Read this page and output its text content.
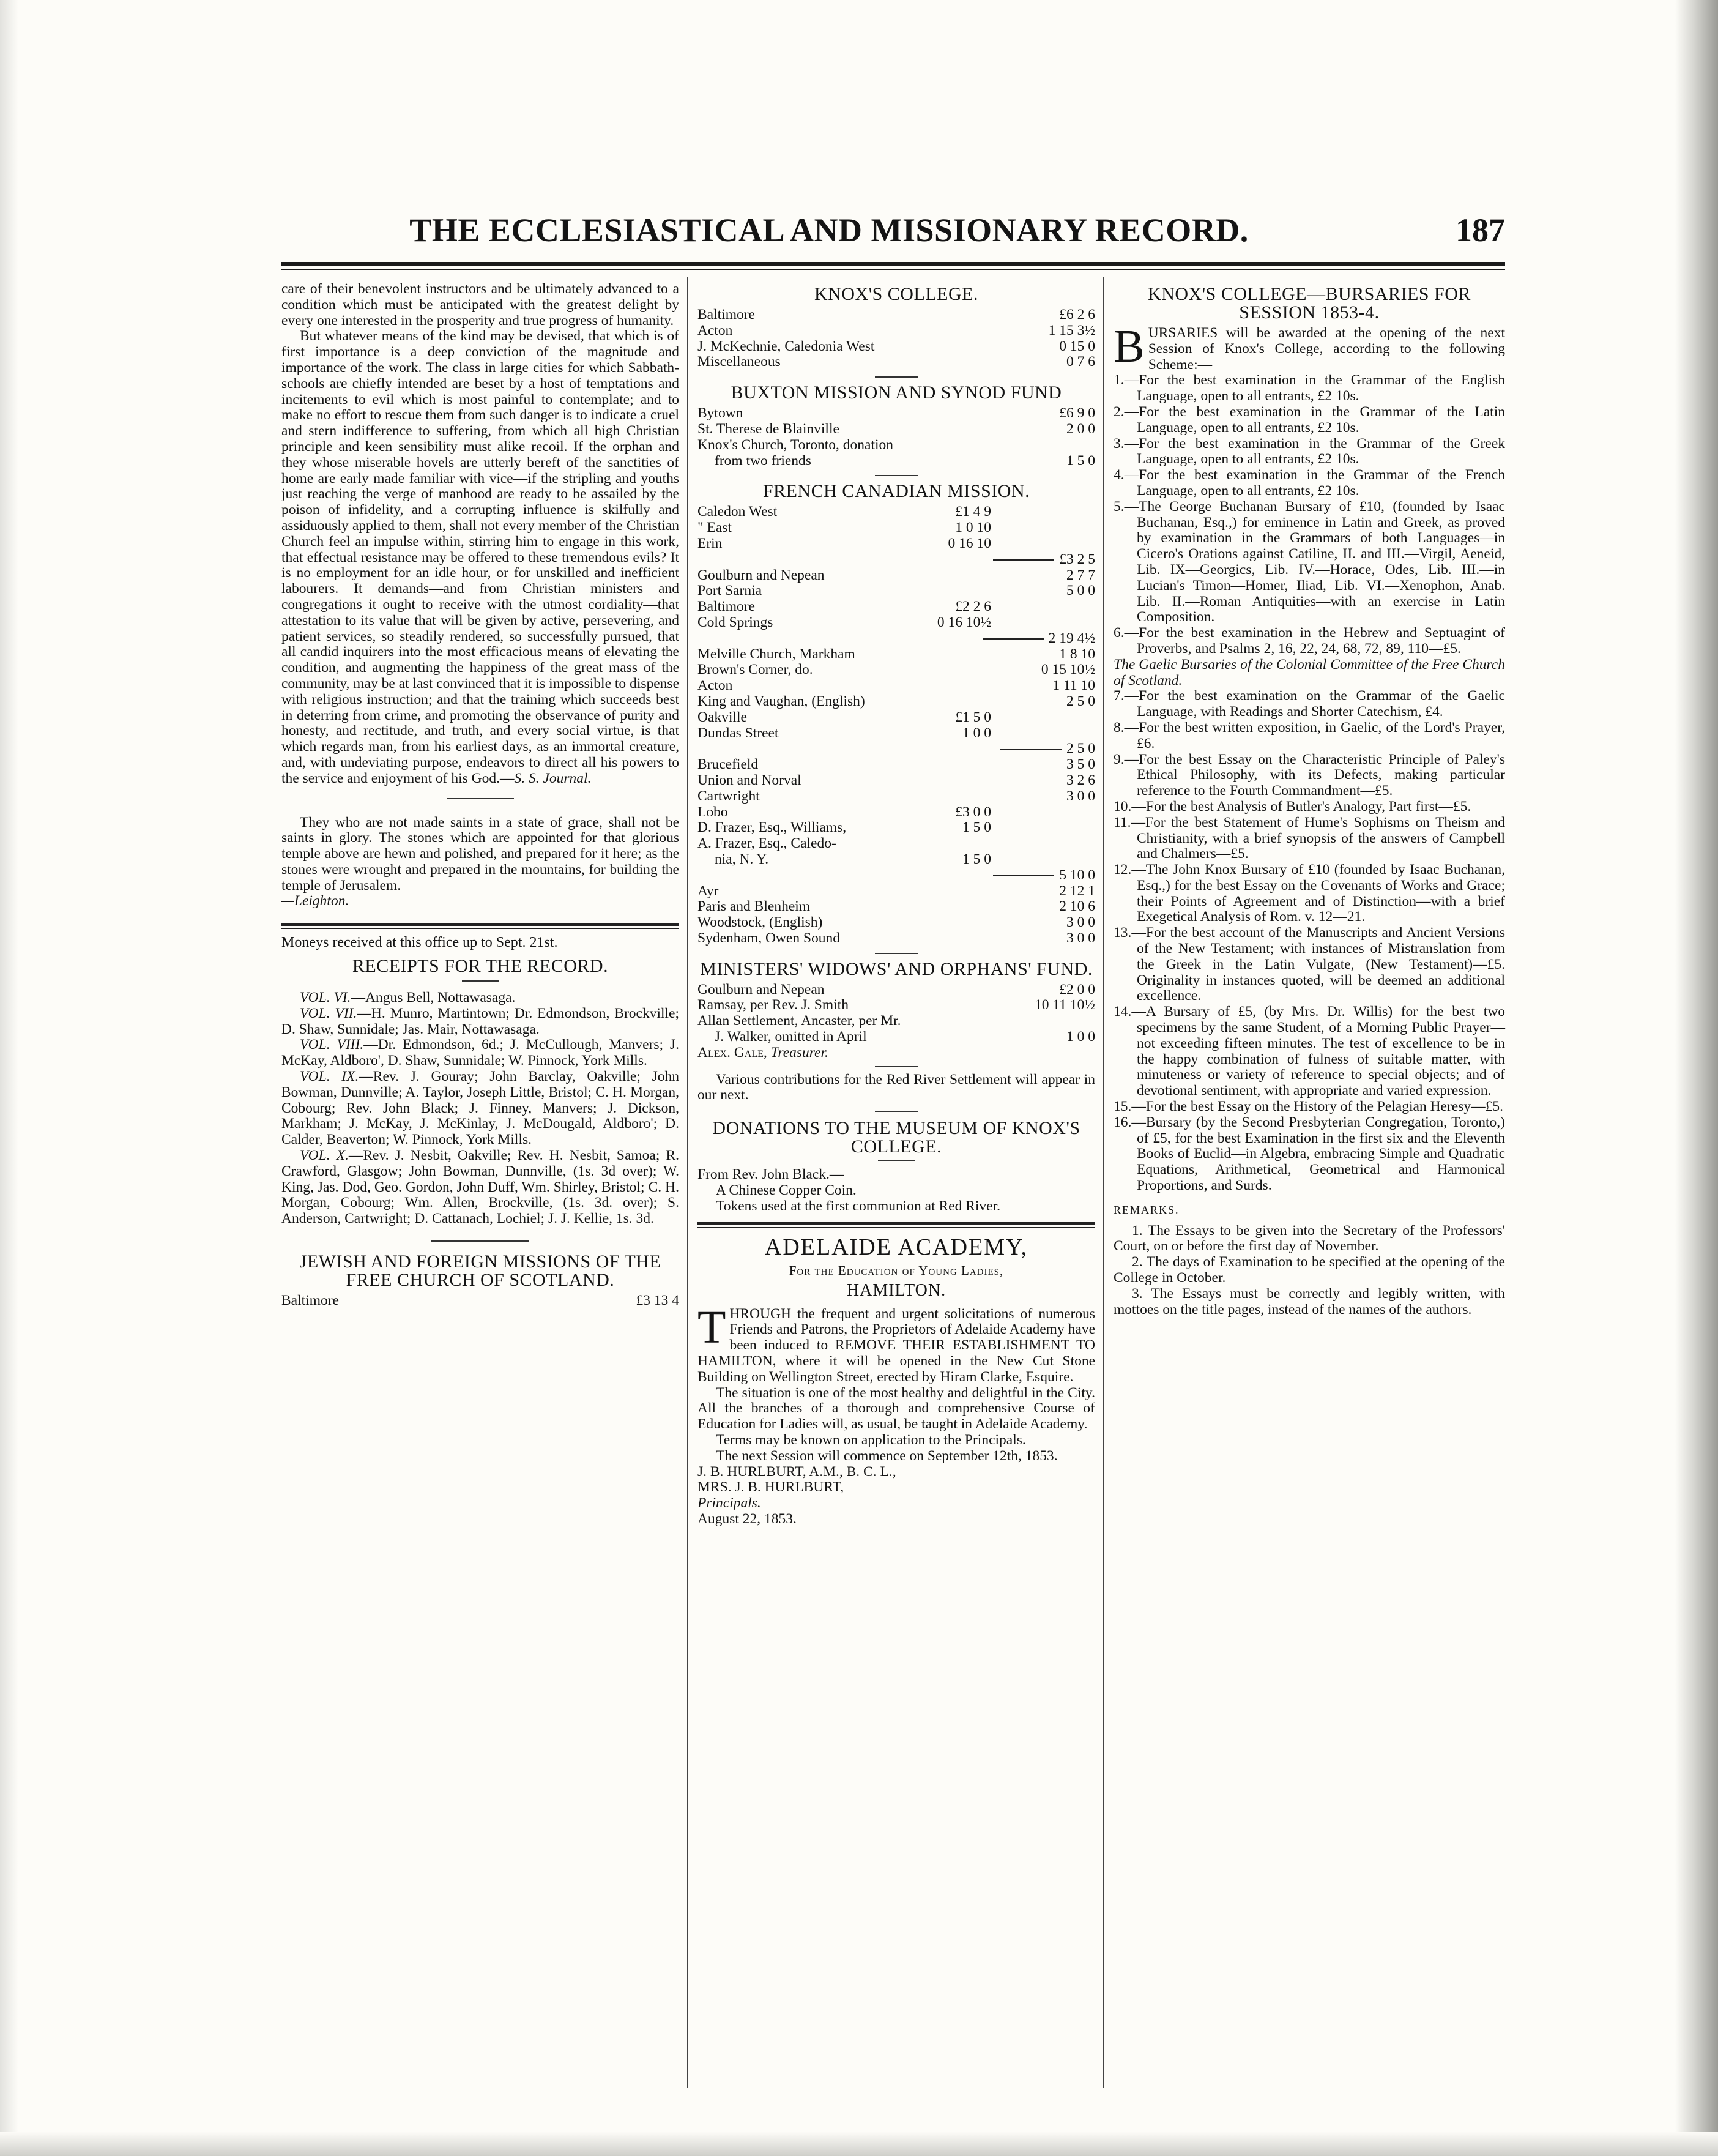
THE ECCLESIASTICAL AND MISSIONARY RECORD.	187

care of their benevolent instructors and be ultimately advanced to a condition which must be anticipated with the greatest delight by every one interested in the prosperity and true progress of humanity.

But whatever means of the kind may be devised, that which is of first importance is a deep conviction of the magnitude and importance of the work. The class in large cities for which Sabbath-schools are chiefly intended are beset by a host of temptations and incitements to evil which is most painful to contemplate; and to make no effort to rescue them from such danger is to indicate a cruel and stern indifference to suffering, from which all high Christian principle and keen sensibility must alike recoil. If the orphan and they whose miserable hovels are utterly bereft of the sanctities of home are early made familiar with vice—if the stripling and youths just reaching the verge of manhood are ready to be assailed by the poison of infidelity, and a corrupting influence is skilfully and assiduously applied to them, shall not every member of the Christian Church feel an impulse within, stirring him to engage in this work, that effectual resistance may be offered to these tremendous evils? It is no employment for an idle hour, or for unskilled and inefficient labourers. It demands—and from Christian ministers and congregations it ought to receive with the utmost cordiality—that attestation to its value that will be given by active, persevering, and patient services, so steadily rendered, so successfully pursued, that all candid inquirers into the most efficacious means of elevating the condition, and augmenting the happiness of the great mass of the community, may be at last convinced that it is impossible to dispense with religious instruction; and that the training which succeeds best in deterring from crime, and promoting the observance of purity and honesty, and rectitude, and truth, and every social virtue, is that which regards man, from his earliest days, as an immortal creature, and, with undeviating purpose, endeavors to direct all his powers to the service and enjoyment of his God.—S. S. Journal.

They who are not made saints in a state of grace, shall not be saints in glory. The stones which are appointed for that glorious temple above are hewn and polished, and prepared for it here; as the stones were wrought and prepared in the mountains, for building the temple of Jerusalem.

—Leighton.

Moneys received at this office up to Sept. 21st.

RECEIPTS FOR THE RECORD.

VOL. VI.—Angus Bell, Nottawasaga.

VOL. VII.—H. Munro, Martintown; Dr. Edmondson, Brockville; D. Shaw, Sunnidale; Jas. Mair, Nottawasaga.

VOL. VIII.—Dr. Edmondson, 6d.; J. McCullough, Manvers; J. McKay, Aldboro', D. Shaw, Sunnidale; W. Pinnock, York Mills.

VOL. IX.—Rev. J. Gouray; John Barclay, Oakville; John Bowman, Dunnville; A. Taylor, Joseph Little, Bristol; C. H. Morgan, Cobourg; Rev. John Black; J. Finney, Manvers; J. Dickson, Markham; J. McKay, J. McKinlay, J. McDougald, Aldboro'; D. Calder, Beaverton; W. Pinnock, York Mills.

VOL. X.—Rev. J. Nesbit, Oakville; Rev. H. Nesbit, Samoa; R. Crawford, Glasgow; John Bowman, Dunnville, (1s. 3d over); W. King, Jas. Dod, Geo. Gordon, John Duff, Wm. Shirley, Bristol; C. H. Morgan, Cobourg; Wm. Allen, Brockville, (1s. 3d. over); S. Anderson, Cartwright; D. Cattanach, Lochiel; J. J. Kellie, 1s. 3d.

JEWISH AND FOREIGN MISSIONS OF THE FREE CHURCH OF SCOTLAND.
Baltimore	£3 13 4
KNOX'S COLLEGE.
Baltimore	£6 2 6
Acton	1 15 3½
J. McKechnie, Caledonia West	0 15 0
Miscellaneous	0 7 6
BUXTON MISSION AND SYNOD FUND
Bytown	£6 9 0
St. Therese de Blainville	2 0 0
Knox's Church, Toronto, donation
from two friends	1 5 0
FRENCH CANADIAN MISSION.
Caledon West	£1 4 9
" East	1 0 10
Erin	0 16 10
£3 2 5
Goulburn and Nepean	2 7 7
Port Sarnia	5 0 0
Baltimore	£2 2 6
Cold Springs	0 16 10½
2 19 4½
Melville Church, Markham	1 8 10
Brown's Corner, do.	0 15 10½
Acton	1 11 10
King and Vaughan, (English)	2 5 0
Oakville	£1 5 0
Dundas Street	1 0 0
2 5 0
Brucefield	3 5 0
Union and Norval	3 2 6
Cartwright	3 0 0
Lobo	£3 0 0
D. Frazer, Esq., Williams,	1 5 0
A. Frazer, Esq., Caledo-
nia, N. Y.	1 5 0
5 10 0
Ayr	2 12 1
Paris and Blenheim	2 10 6
Woodstock, (English)	3 0 0
Sydenham, Owen Sound	3 0 0
MINISTERS' WIDOWS' AND ORPHANS' FUND.
Goulburn and Nepean	£2 0 0
Ramsay, per Rev. J. Smith	10 11 10½
Allan Settlement, Ancaster, per Mr.
J. Walker, omitted in April	1 0 0

Alex. Gale, Treasurer.

Various contributions for the Red River Settlement will appear in our next.

DONATIONS TO THE MUSEUM OF KNOX'S COLLEGE.

From Rev. John Black.—

A Chinese Copper Coin.

Tokens used at the first communion at Red River.

ADELAIDE ACADEMY,
For the Education of Young Ladies,
HAMILTON.

THROUGH the frequent and urgent solicitations of numerous Friends and Patrons, the Proprietors of Adelaide Academy have been induced to REMOVE THEIR ESTABLISHMENT TO HAMILTON, where it will be opened in the New Cut Stone Building on Wellington Street, erected by Hiram Clarke, Esquire.

The situation is one of the most healthy and delightful in the City. All the branches of a thorough and comprehensive Course of Education for Ladies will, as usual, be taught in Adelaide Academy.

Terms may be known on application to the Principals.

The next Session will commence on September 12th, 1853.

J. B. HURLBURT, A.M., B. C. L.,

MRS. J. B. HURLBURT,

Principals.

August 22, 1853.

KNOX'S COLLEGE—BURSARIES FOR SESSION 1853-4.

BURSARIES will be awarded at the opening of the next Session of Knox's College, according to the following Scheme:—

1.—For the best examination in the Grammar of the English Language, open to all entrants, £2 10s.

2.—For the best examination in the Grammar of the Latin Language, open to all entrants, £2 10s.

3.—For the best examination in the Grammar of the Greek Language, open to all entrants, £2 10s.

4.—For the best examination in the Grammar of the French Language, open to all entrants, £2 10s.

5.—The George Buchanan Bursary of £10, (founded by Isaac Buchanan, Esq.,) for eminence in Latin and Greek, as proved by examination in the Grammars of both Languages—in Cicero's Orations against Catiline, II. and III.—Virgil, Aeneid, Lib. IX—Georgics, Lib. IV.—Horace, Odes, Lib. III.—in Lucian's Timon—Homer, Iliad, Lib. VI.—Xenophon, Anab. Lib. II.—Roman Antiquities—with an exercise in Latin Composition.

6.—For the best examination in the Hebrew and Septuagint of Proverbs, and Psalms 2, 16, 22, 24, 68, 72, 89, 110—£5.

The Gaelic Bursaries of the Colonial Committee of the Free Church of Scotland.

7.—For the best examination on the Grammar of the Gaelic Language, with Readings and Shorter Catechism, £4.

8.—For the best written exposition, in Gaelic, of the Lord's Prayer, £6.

9.—For the best Essay on the Characteristic Principle of Paley's Ethical Philosophy, with its Defects, making particular reference to the Fourth Commandment—£5.

10.—For the best Analysis of Butler's Analogy, Part first—£5.

11.—For the best Statement of Hume's Sophisms on Theism and Christianity, with a brief synopsis of the answers of Campbell and Chalmers—£5.

12.—The John Knox Bursary of £10 (founded by Isaac Buchanan, Esq.,) for the best Essay on the Covenants of Works and Grace; their Points of Agreement and of Distinction—with a brief Exegetical Analysis of Rom. v. 12—21.

13.—For the best account of the Manuscripts and Ancient Versions of the New Testament; with instances of Mistranslation from the Greek in the Latin Vulgate, (New Testament)—£5. Originality in instances quoted, will be deemed an additional excellence.

14.—A Bursary of £5, (by Mrs. Dr. Willis) for the best two specimens by the same Student, of a Morning Public Prayer—not exceeding fifteen minutes. The test of excellence to be in the happy combination of fulness of suitable matter, with minuteness or variety of reference to special objects; and of devotional sentiment, with appropriate and varied expression.

15.—For the best Essay on the History of the Pelagian Heresy—£5.

16.—Bursary (by the Second Presbyterian Congregation, Toronto,) of £5, for the best Examination in the first six and the Eleventh Books of Euclid—in Algebra, embracing Simple and Quadratic Equations, Arithmetical, Geometrical and Harmonical Proportions, and Surds.

REMARKS.

1. The Essays to be given into the Secretary of the Professors' Court, on or before the first day of November.

2. The days of Examination to be specified at the opening of the College in October.

3. The Essays must be correctly and legibly written, with mottoes on the title pages, instead of the names of the authors.
